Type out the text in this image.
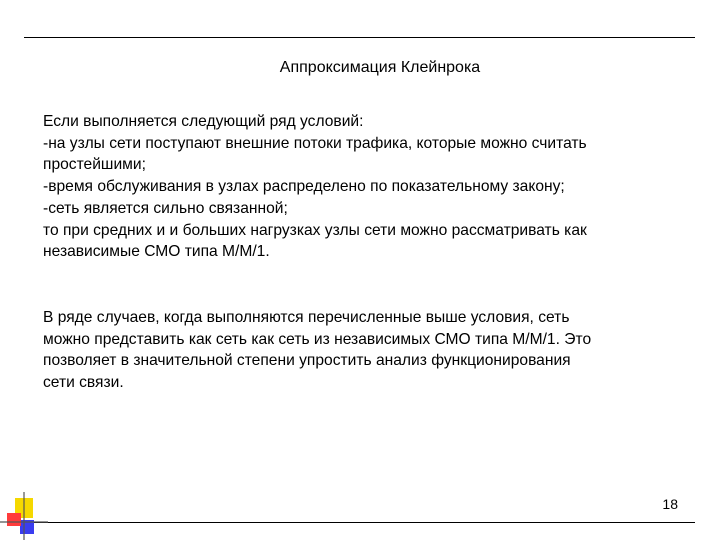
Аппроксимация Клейнрока
Если выполняется следующий ряд условий:
-на узлы сети поступают внешние потоки трафика, которые можно считать
простейшими;
-время обслуживания в узлах распределено по показательному закону;
-сеть является сильно связанной;
то при средних и и больших нагрузках узлы сети можно рассматривать как
независимые СМО типа M/M/1.
В ряде случаев, когда выполняются перечисленные выше условия, сеть
можно представить как сеть как сеть из независимых СМО типа M/M/1. Это
позволяет в значительной степени упростить анализ функционирования
сети связи.
18
